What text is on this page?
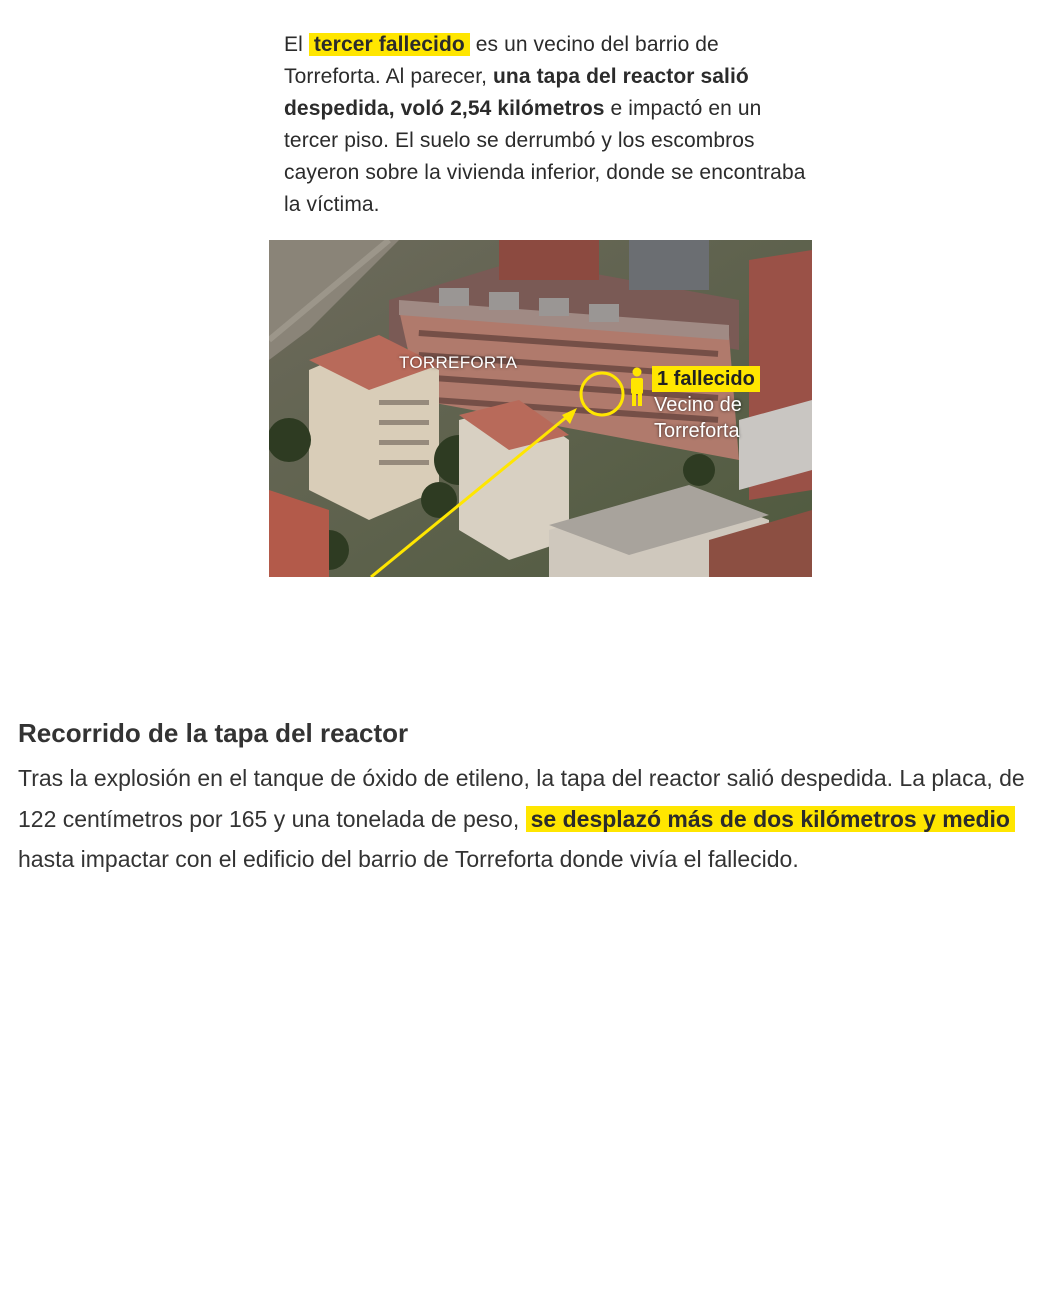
El tercer fallecido es un vecino del barrio de Torreforta. Al parecer, una tapa del reactor salió despedida, voló 2,54 kilómetros e impactó en un tercer piso. El suelo se derrumbó y los escombros cayeron sobre la vivienda inferior, donde se encontraba la víctima.
TORREFORTA
1 fallecido
Vecino de
Torreforta
Recorrido de la tapa del reactor
Tras la explosión en el tanque de óxido de etileno, la tapa del reactor salió despedida. La placa, de 122 centímetros por 165 y una tonelada de peso, se desplazó más de dos kilómetros y medio hasta impactar con el edificio del barrio de Torreforta donde vivía el fallecido.
